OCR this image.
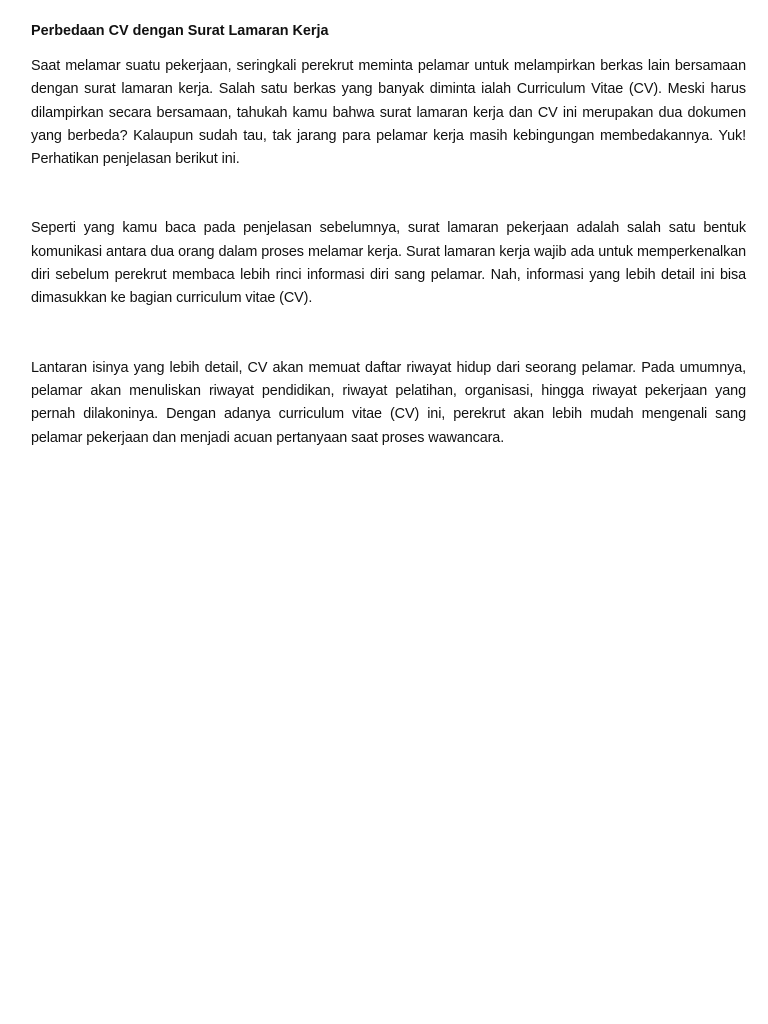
Perbedaan CV dengan Surat Lamaran Kerja

Saat melamar suatu pekerjaan, seringkali perekrut meminta pelamar untuk melampirkan berkas lain bersamaan dengan surat lamaran kerja. Salah satu berkas yang banyak diminta ialah Curriculum Vitae (CV). Meski harus dilampirkan secara bersamaan, tahukah kamu bahwa surat lamaran kerja dan CV ini merupakan dua dokumen yang berbeda? Kalaupun sudah tau, tak jarang para pelamar kerja masih kebingungan membedakannya. Yuk! Perhatikan penjelasan berikut ini.

Seperti yang kamu baca pada penjelasan sebelumnya, surat lamaran pekerjaan adalah salah satu bentuk komunikasi antara dua orang dalam proses melamar kerja. Surat lamaran kerja wajib ada untuk memperkenalkan diri sebelum perekrut membaca lebih rinci informasi diri sang pelamar. Nah, informasi yang lebih detail ini bisa dimasukkan ke bagian curriculum vitae (CV).

Lantaran isinya yang lebih detail, CV akan memuat daftar riwayat hidup dari seorang pelamar. Pada umumnya, pelamar akan menuliskan riwayat pendidikan, riwayat pelatihan, organisasi, hingga riwayat pekerjaan yang pernah dilakoninya. Dengan adanya curriculum vitae (CV) ini, perekrut akan lebih mudah mengenali sang pelamar pekerjaan dan menjadi acuan pertanyaan saat proses wawancara.
